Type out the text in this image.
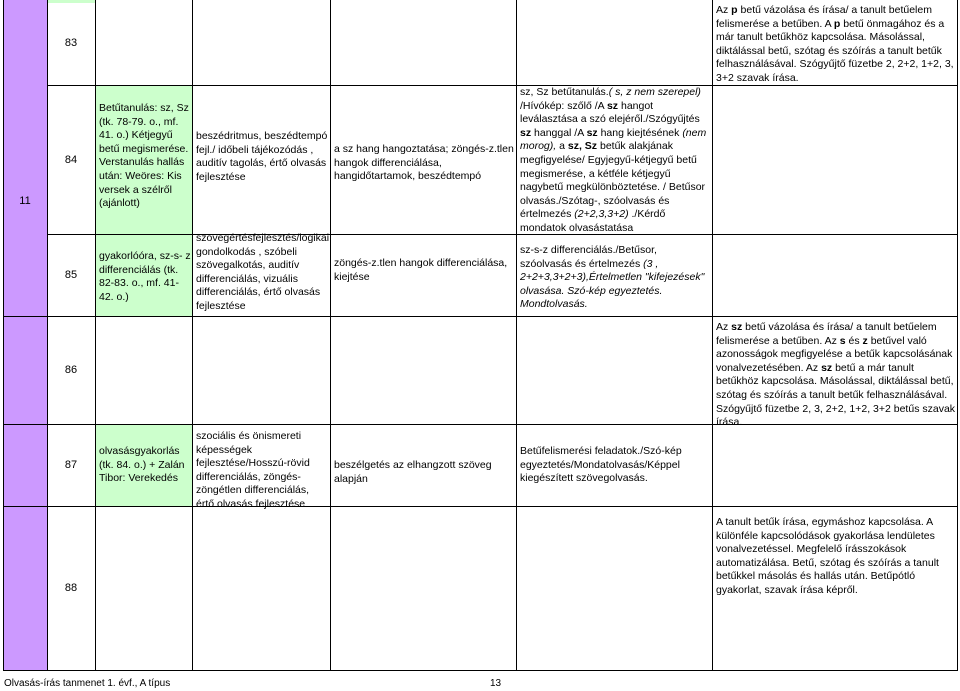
83
Az p betű vázolása és írása/ a tanult betűelem felismerése a betűben. A p betű önmagához és a már tanult betűkhöz kapcsolása. Másolással, diktálással betű, szótag és szóírás a tanult betűk felhasználásával. Szógyűjtő füzetbe 2, 2+2, 1+2, 3, 3+2 szavak írása.
11
84
Betűtanulás: sz, Sz (tk. 78-79. o., mf. 41. o.) Kétjegyű betű megismerése. Verstanulás hallás után: Weöres: Kis versek a szélről (ajánlott)
beszédritmus, beszédtempó fejl./ időbeli tájékozódás , auditív tagolás, értő olvasás fejlesztése
a sz hang hangoztatása; zöngés-z.tlen hangok differenciálása, hangidőtartamok, beszédtempó
sz, Sz betűtanulás.( s, z nem szerepel) /Hívókép: szőlő /A sz hangot leválasztása a szó elejéről./Szógyűjtés sz hanggal /A sz hang kiejtésének (nem morog), a sz, Sz betűk alakjának megfigyelése/ Egyjegyű-kétjegyű betű megismerése, a kétféle kétjegyű nagybetű megkülönböztetése. / Betűsor olvasás./Szótag-, szóolvasás és értelmezés (2+2,3,3+2) ./Kérdő mondatok olvasástatása
85
gyakorlóóra, sz-s- z differenciálás (tk. 82-83. o., mf. 41-42. o.)
szövegértésfejlesztés/logikai gondolkodás , szóbeli szövegalkotás, auditív differenciálás, vizuális differenciálás, értő olvasás fejlesztése
zöngés-z.tlen hangok differenciálása, kiejtése
sz-s-z differenciálás./Betűsor, szóolvasás és értelmezés (3 , 2+2+3,3+2+3),Értelmetlen "kifejezések" olvasása. Szó-kép egyeztetés. Mondtolvasás.
86
Az sz betű vázolása és írása/ a tanult betűelem felismerése a betűben. Az s és z betűvel való azonosságok megfigyelése a betűk kapcsolásának vonalvezetésében. Az sz betű a már tanult betűkhöz kapcsolása. Másolással, diktálással betű, szótag és szóírás a tanult betűk felhasználásával. Szógyűjtő füzetbe 2, 3, 2+2, 1+2, 3+2 betűs szavak írása.
87
olvasásgyakorlás (tk. 84. o.) + Zalán Tibor: Verekedés
szociális és önismereti képességek fejlesztése/Hosszú-rövid differenciálás, zöngés-zöngétlen differenciálás, értő olvasás fejlesztése
beszélgetés az elhangzott szöveg alapján
Betűfelismerési feladatok./Szó-kép egyeztetés/Mondatolvasás/Képpel kiegészített szövegolvasás.
88
A tanult betűk írása, egymáshoz kapcsolása. A különféle kapcsolódások gyakorlása lendületes vonalvezetéssel. Megfelelő írásszokások automatizálása. Betű, szótag és szóírás a tanult betűkkel másolás és hallás után. Betűpótló gyakorlat, szavak írása képről.
Olvasás-írás tanmenet 1. évf., A típus	13
